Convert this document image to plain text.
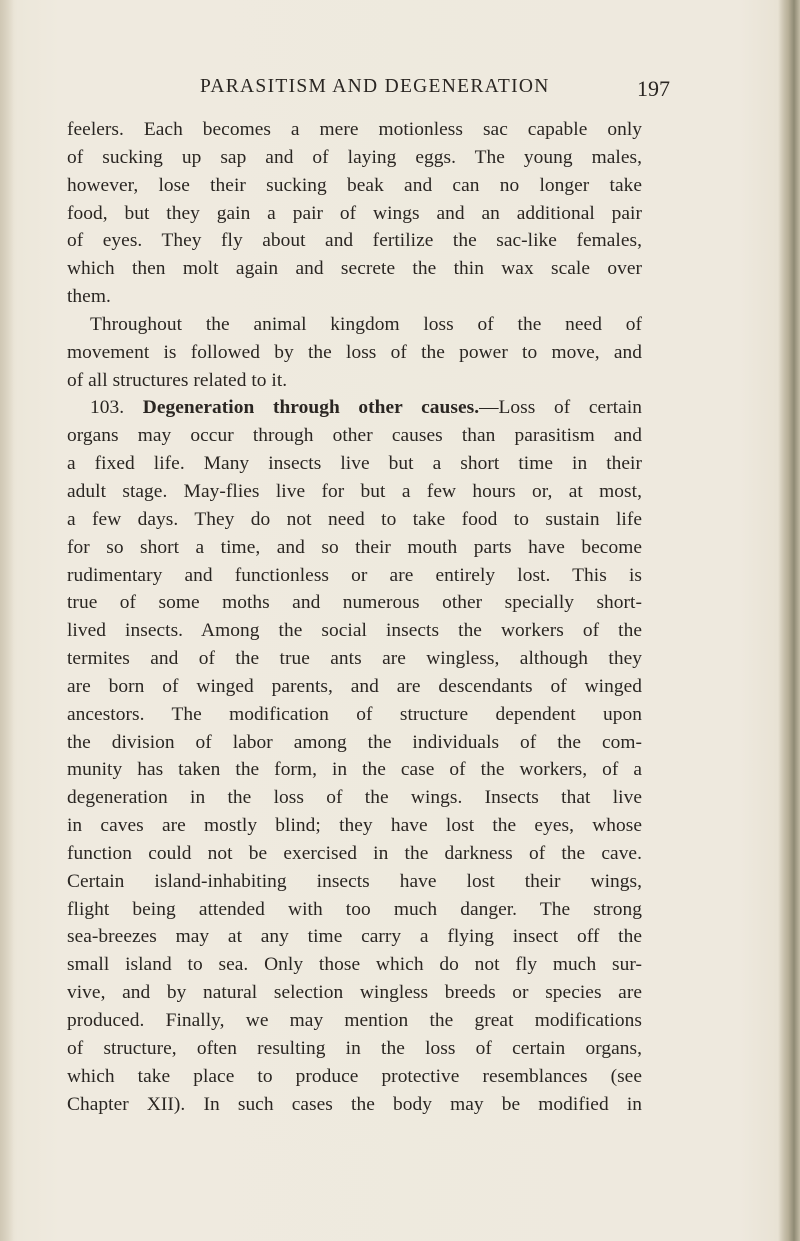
PARASITISM AND DEGENERATION	197
feelers. Each becomes a mere motionless sac capable only
of sucking up sap and of laying eggs. The young males,
however, lose their sucking beak and can no longer take
food, but they gain a pair of wings and an additional pair
of eyes. They fly about and fertilize the sac-like females,
which then molt again and secrete the thin wax scale over
them.
Throughout the animal kingdom loss of the need of
movement is followed by the loss of the power to move, and
of all structures related to it.
103. Degeneration through other causes.—Loss of certain
organs may occur through other causes than parasitism and
a fixed life. Many insects live but a short time in their
adult stage. May-flies live for but a few hours or, at most,
a few days. They do not need to take food to sustain life
for so short a time, and so their mouth parts have become
rudimentary and functionless or are entirely lost. This is
true of some moths and numerous other specially short-
lived insects. Among the social insects the workers of the
termites and of the true ants are wingless, although they
are born of winged parents, and are descendants of winged
ancestors. The modification of structure dependent upon
the division of labor among the individuals of the com-
munity has taken the form, in the case of the workers, of a
degeneration in the loss of the wings. Insects that live
in caves are mostly blind; they have lost the eyes, whose
function could not be exercised in the darkness of the cave.
Certain island-inhabiting insects have lost their wings,
flight being attended with too much danger. The strong
sea-breezes may at any time carry a flying insect off the
small island to sea. Only those which do not fly much sur-
vive, and by natural selection wingless breeds or species are
produced. Finally, we may mention the great modifications
of structure, often resulting in the loss of certain organs,
which take place to produce protective resemblances (see
Chapter XII). In such cases the body may be modified in
